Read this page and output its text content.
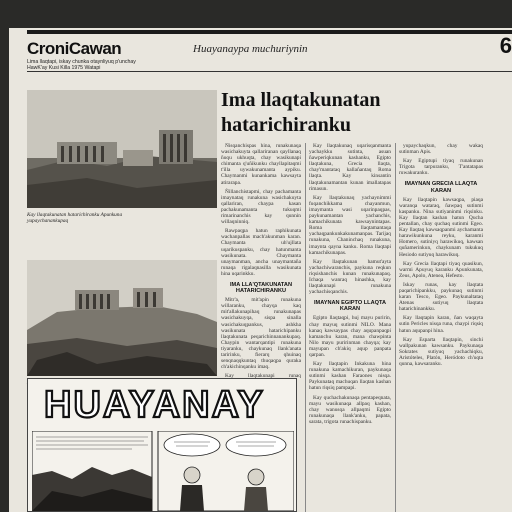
CroniCawan
Lima llaqtapi, iskay chunka otaynliyuq p'unchay
HawK'ay Kusi Killa 1975 Watapi
Huayanaypa muchuriynin	6
Kay llaqtakunatan hatarichiranku Apunkuna yupaychanankupaq
Ima llaqtakunatan
hatarichiranku

Ñisqanchispas hina, runakunaqa wasichakuyta qallariranan qayllanaq ñuqu ukhuqta, chay wasikunapi chimanta q'uñikunku chayllapitaqmi t'illa uywakunamanta aypiku. Chaymanmi kunankama kawsayta atirarapa.

Ñillanchistapmi, chay pachamanta imaynataq runakuna wasichakuyta qallariran, chaypa kasan pachakunamanta tukuqmi rimarinanchis kay qunnin willaqninniq.

Rawpaqpa hatun raphikunata wachanpallas mach'akunman karan. Chaymanta uh'ujllata uqarikuspanku, chay hatunmanta wasikunata. Chaymanta unaymanman, ancha unaymantaña runaqa rigalaqnasilla wasikunata hina uqarinkku.

IMA LLA'QTAKUNATAN HATARICHIRANKU

Mitr'a, mit'apin runakuna willaranku, chayqa kaq mit'allakunapihaq runakunapas wasichakuyqa, sispa sinalla wasichakuqpankus, ashkha wasikunata hatarichipanku llaqtakunata peqarichinnanankupaq. Chaypin wantarqantipi runakuna tiyaranku, chaykunaq llank'anata taririnku, fierarq qhuinaq senqnaqqkuntaq thuqaqpa quraka ch'akichinqanku imaq.

Kay llaqtakunapi runaq

Kay llaqtakunaq uqarisqanmanta yachaykku sutinta, asuan ñawperiqkunan kashanku, Egipto llaqtakuna, Grecia llaqta, chay'mantataq kallañantaq Roma llaqta. Kay kinsantin llaqtakunamantan kunan imallatapas rimasun.

Kay llaqtakunaq yachaynimmi fuqanchikkama chayanmun, imaymanta wasi uqarinpaqpas, paykunamantan yachanchis, kamachikunata kawsaynintapas. Roma llaqtamantaqa yachaqpankunkakunamanpas. Tarijaq runakuna, Chaninchaq runakuna, imaynta qayna kanku. Roma llaqtapi kamachikunapas.

Kay llaqtakunan hamut'ayta yachachiwaranchis, paykuna reqkun riqsishanchis kunan runakunapaq. Ichaqa wanraq hinashka, kay llaqtakunapi runakuna yachachisqanchis.

IMAYNAN EGIPTO LLAQTA KARAN

Egipto llaqtaqpi, huj mayu puririn, chay mayuq sutinmi NILO. Mana kanaq kawsaypas chay aqupanpaqpi kamanchu karan, mana chawpinta Nilo mayu puririnman chayqa; kay mayupan ch'akiq aqup panpata qarpan.

Kay llaqtapin Inkakuna hina runakuna kamachikuran, paykunaqa sutinmi kashan Faraones nisqa. Paykunataq machuqan llaqtan kashan hatun riqsiq pampapi.

Kay quchachakunaqa pentapeqnata, mayu wasikunaqa allpaq kashan, chay wanusqa allpaqmi Egipto runakunaqa llank'anku, papata, sarata, trigota runachispanku.

yupaychaqkun, chay wakaq sutinman Apis.

Kay Egiptupi tiyaq runakunan Trigota tarpuranku, T'antatapas ruwakuranku.

IMAYNAN GRECIA LLAQTA KARAN

Kay llaqtapin kawsaqpa, piaqa waranqa wataraq, ñawpaq sutinmi kaspanku. Nina sutiyaninmi riqsinku. Kay llaqtan kashan hatun Qucha pentallan, chay quchaq sutinmi Egeo. Kay llaqtaq kawsaqpanmi aychamanta harawikunkuna reyku, karanmi Homero, sutiniyq harawikuq, kawsan quñamerinkun, chaykunam tukukuq Hesiodo sutiyuq harawikuq.

Kay Grecia llaqtapi tiyaq quasikun, warmi Apuyuq karanku Apunkunata, Zeus, Apolo, Atenea, Hefesto.

Iskay runas, kay llaqtata paqarichipankku, paykunaq sutinmi karan Tesco, Egeo. Paykunaltataq Atenas sutiyuq llaqtata hatarichinankku.

Kay llaqtapin karan, ñan waqayta sutin Pericles nisqa runa, chaypi riqsiq hatun aqupanpi hina.

Kay Esparta llaqtapin, sinchi wallpakunan kawsanku. Paykunaqa Sokrates sutiyuq yachachiqku, Aristóteles, Platón, Heródoto ch'uqta qunna, kawsaranku.

HUAYANAY
